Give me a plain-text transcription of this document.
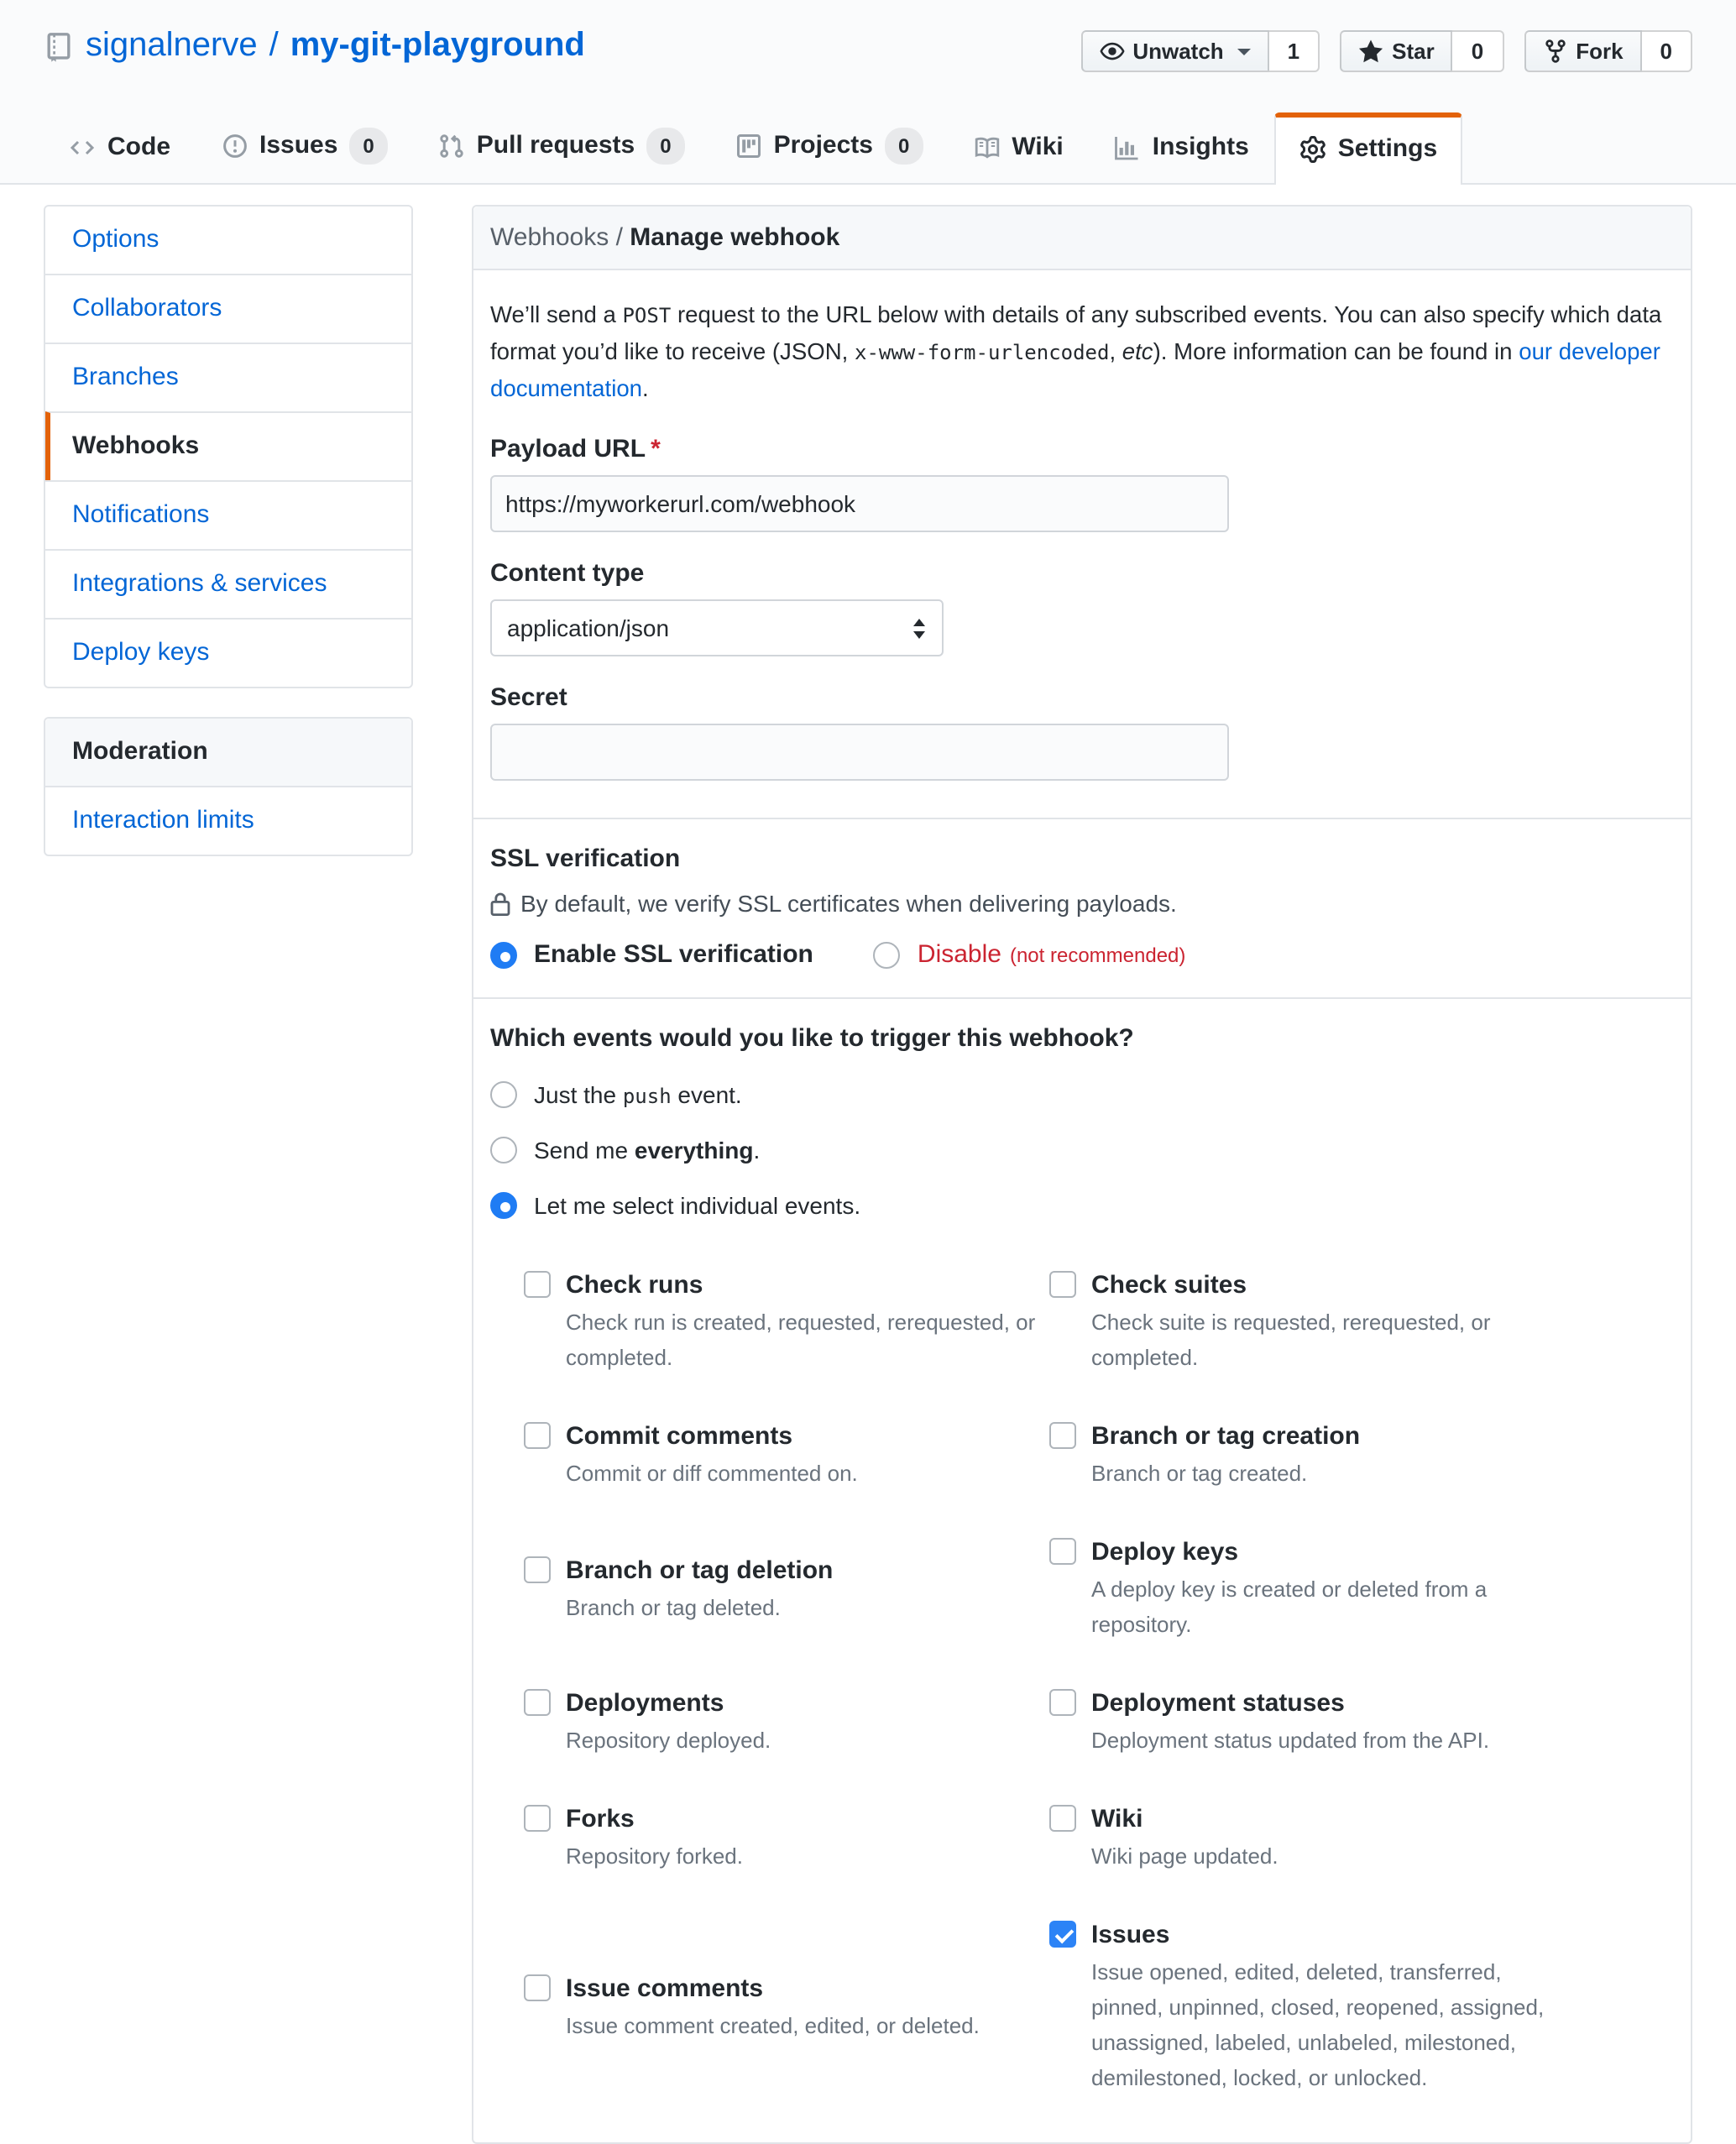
signalnerve / my-git-playground	Unwatch	1	Star	0	Fork	0
Code	Issues	0	Pull requests	0	Projects	0	Wiki	Insights	Settings
Options
Collaborators
Branches
Webhooks
Notifications
Integrations & services
Deploy keys
Moderation
Interaction limits
Webhooks / Manage webhook

We’ll send a POST request to the URL below with details of any subscribed events. You can also specify which data format you’d like to receive (JSON, x-www-form-urlencoded, etc). More information can be found in our developer documentation.

Payload URL *
https://myworkerurl.com/webhook
Content type
application/json
Secret
SSL verification
By default, we verify SSL certificates when delivering payloads.
Enable SSL verification	Disable (not recommended)
Which events would you like to trigger this webhook?
Just the push event.
Send me everything.
Let me select individual events.
Check runs
Check run is created, requested, rerequested, or completed.

Check suites
Check suite is requested, rerequested, or completed.

Commit comments
Commit or diff commented on.

Branch or tag creation
Branch or tag created.

Branch or tag deletion
Branch or tag deleted.

Deploy keys
A deploy key is created or deleted from a repository.

Deployments
Repository deployed.

Deployment statuses
Deployment status updated from the API.

Forks
Repository forked.

Wiki
Wiki page updated.

Issue comments
Issue comment created, edited, or deleted.

Issues
Issue opened, edited, deleted, transferred, pinned, unpinned, closed, reopened, assigned, unassigned, labeled, unlabeled, milestoned, demilestoned, locked, or unlocked.
